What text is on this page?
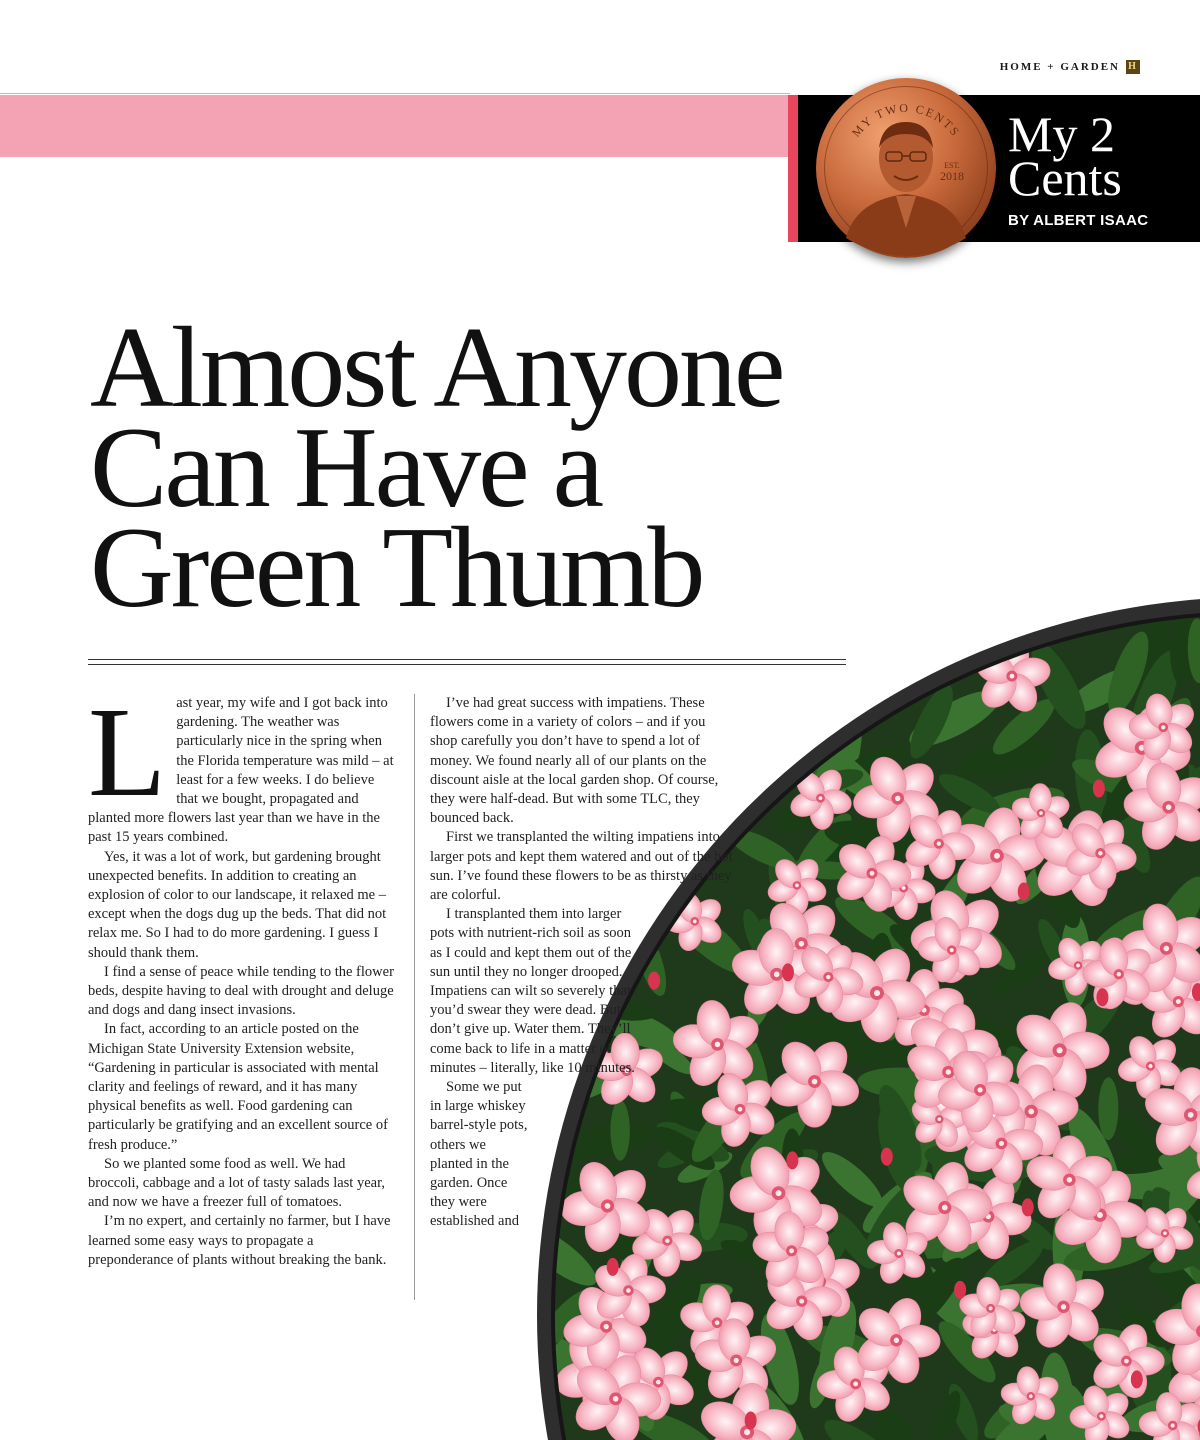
HOME + GARDEN H
MY TWO CENTS
EST.
2018
My 2
Cents
BY ALBERT ISAAC
Almost Anyone
Can Have a
Green Thumb
L ast year, my wife and I got back into gardening. The weather was particularly nice in the spring when the Florida temperature was mild – at least for a few weeks. I do believe that we bought, propagated and planted more flowers last year than we have in the past 15 years combined.

Yes, it was a lot of work, but gardening brought unexpected benefits. In addition to creating an explosion of color to our landscape, it relaxed me – except when the dogs dug up the beds. That did not relax me. So I had to do more gardening. I guess I should thank them.

I find a sense of peace while tending to the flower beds, despite having to deal with drought and deluge and dogs and dang insect invasions.

In fact, according to an article posted on the Michigan State University Extension website, “Gardening in particular is associated with mental clarity and feelings of reward, and it has many physical benefits as well. Food gardening can particularly be gratifying and an excellent source of fresh produce.”

So we planted some food as well. We had broccoli, cabbage and a lot of tasty salads last year, and now we have a freezer full of tomatoes.

I’m no expert, and certainly no farmer, but I have learned some easy ways to propagate a preponderance of plants without breaking the bank.

I’ve had great success with impatiens. These flowers come in a variety of colors – and if you shop carefully you don’t have to spend a lot of money. We found nearly all of our plants on the discount aisle at the local garden shop. Of course, they were half-dead. But with some TLC, they bounced back.

First we transplanted the wilting impatiens into larger pots and kept them watered and out of the hot sun. I’ve found these flowers to be as thirsty as they are colorful.

I transplanted them into larger pots with nutrient-rich soil as soon as I could and kept them out of the sun until they no longer drooped. Impatiens can wilt so severely that you’d swear they were dead. But don’t give up. Water them. They’ll come back to life in a matter of minutes – literally, like 10 minutes.

Some we put in large whiskey barrel-style pots, others we planted in the garden. Once they were established and
